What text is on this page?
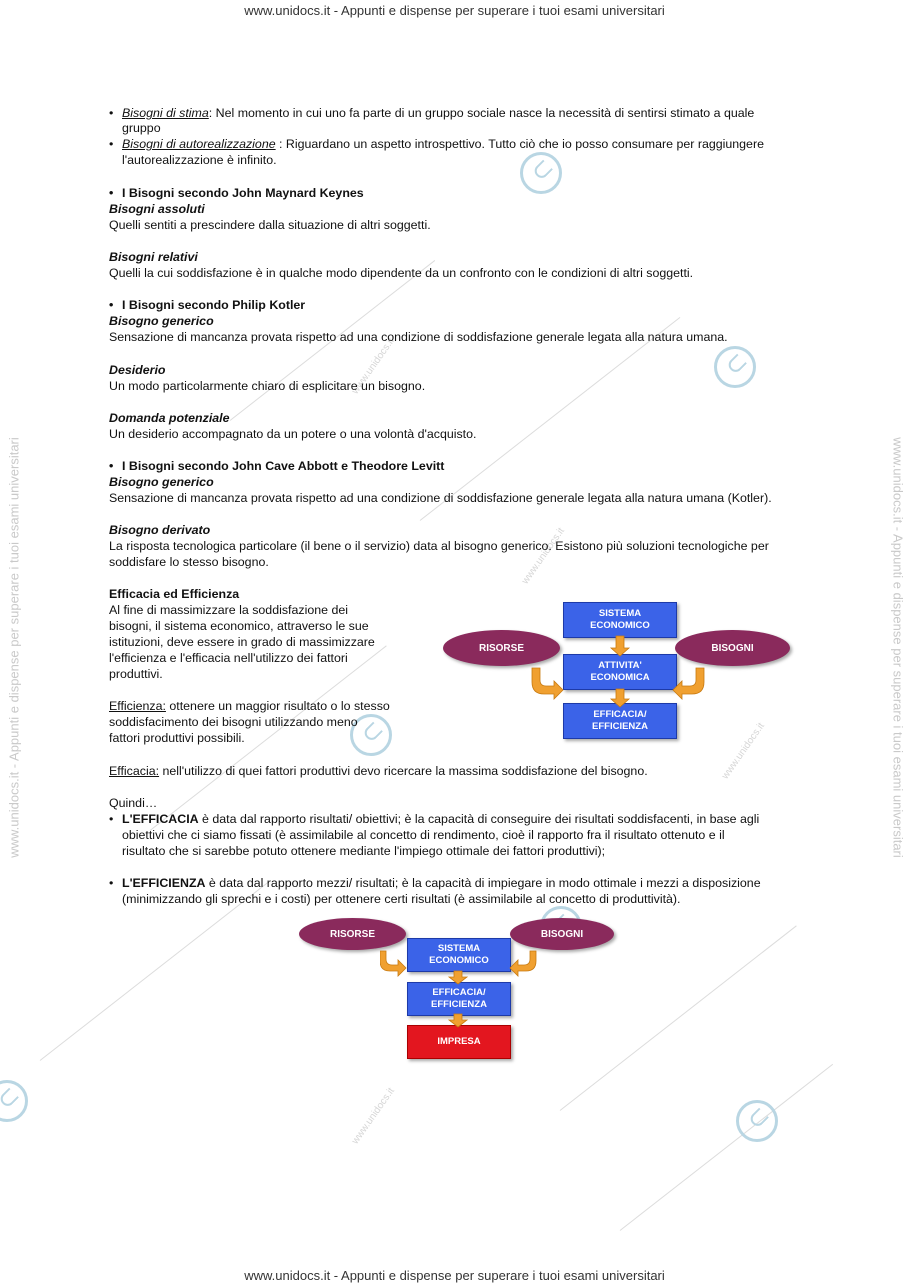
www.unidocs.it - Appunti e dispense per superare i tuoi esami universitari
www.unidocs.it - Appunti e dispense per superare i tuoi esami universitari
www.unidocs.it - Appunti e dispense per superare i tuoi esami universitari	www.unidocs.it - Appunti e dispense per superare i tuoi esami universitari
www.unidocs.it
www.unidocs.it
www.unidocs.it
www.unidocs.it
• Bisogni di stima: Nel momento in cui uno fa parte di un gruppo sociale nasce la necessità di sentirsi stimato a quale
gruppo
• Bisogni di autorealizzazione : Riguardano un aspetto introspettivo. Tutto ciò che io posso consumare per raggiungere
l'autorealizzazione è infinito.
• I Bisogni secondo John Maynard Keynes
Bisogni assoluti
Quelli sentiti a prescindere dalla situazione di altri soggetti.
Bisogni relativi
Quelli la cui soddisfazione è in qualche modo dipendente da un confronto con le condizioni di altri soggetti.
• I Bisogni secondo Philip Kotler
Bisogno generico
Sensazione di mancanza provata rispetto ad una condizione di soddisfazione generale legata alla natura umana.
Desiderio
Un modo particolarmente chiaro di esplicitare un bisogno.
Domanda potenziale
Un desiderio accompagnato da un potere o una volontà d'acquisto.
• I Bisogni secondo John Cave Abbott e Theodore Levitt
Bisogno generico
Sensazione di mancanza provata rispetto ad una condizione di soddisfazione generale legata alla natura umana (Kotler).
Bisogno derivato
La risposta tecnologica particolare (il bene o il servizio) data al bisogno generico. Esistono più soluzioni tecnologiche per
soddisfare lo stesso bisogno.
Efficacia ed Efficienza
Al fine di massimizzare la soddisfazione dei
bisogni, il sistema economico, attraverso le sue
istituzioni, deve essere in grado di massimizzare
l'efficienza e l'efficacia nell'utilizzo dei fattori
produttivi.
Efficienza: ottenere un maggior risultato o lo stesso
soddisfacimento dei bisogni utilizzando meno
fattori produttivi possibili.
Efficacia: nell'utilizzo di quei fattori produttivi devo ricercare la massima soddisfazione del bisogno.
Quindi…
• L'EFFICACIA è data dal rapporto risultati/ obiettivi; è la capacità di conseguire dei risultati soddisfacenti, in base agli
obiettivi che ci siamo fissati (è assimilabile al concetto di rendimento, cioè il rapporto fra il risultato ottenuto e il
risultato che si sarebbe potuto ottenere mediante l'impiego ottimale dei fattori produttivi);
• L'EFFICIENZA è data dal rapporto mezzi/ risultati; è la capacità di impiegare in modo ottimale i mezzi a disposizione
(minimizzando gli sprechi e i costi) per ottenere certi risultati (è assimilabile al concetto di produttività).
RISORSE	BISOGNI
SISTEMA
ECONOMICO
ATTIVITA'
ECONOMICA
EFFICACIA/
EFFICIENZA
RISORSE	BISOGNI
SISTEMA
ECONOMICO
EFFICACIA/
EFFICIENZA
IMPRESA
